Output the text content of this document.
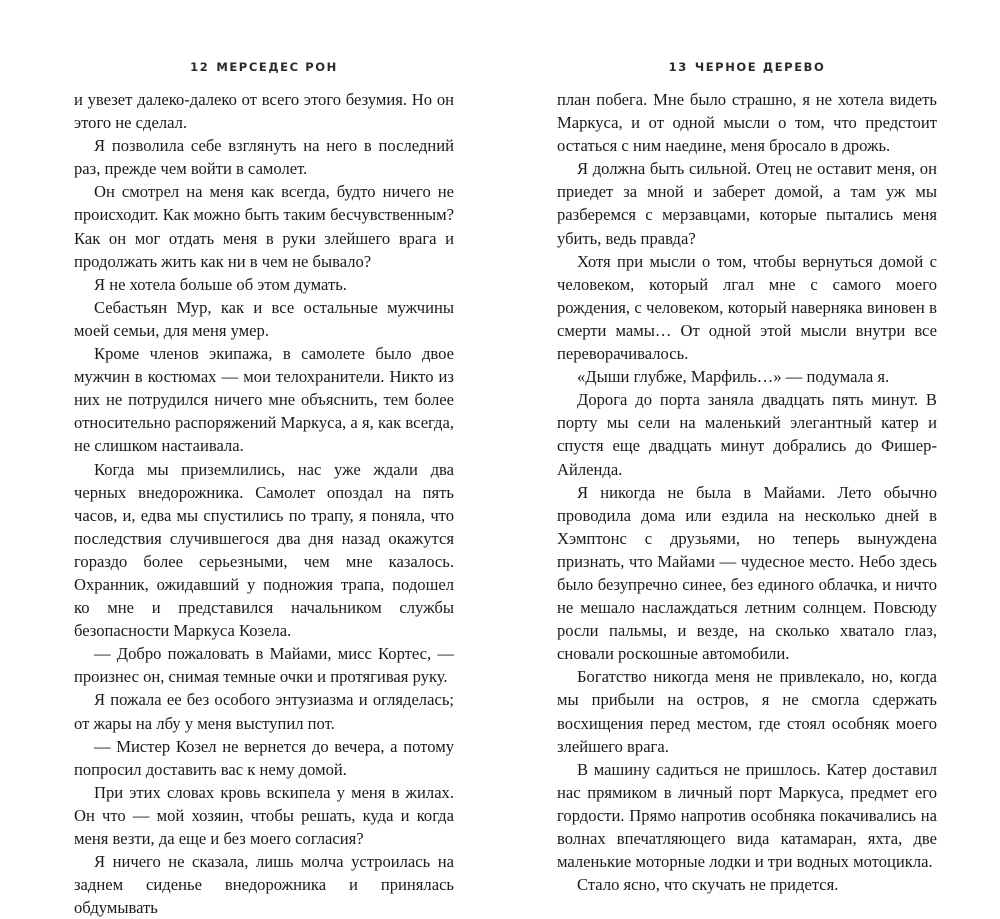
12 МЕРСЕДЕС РОН

и увезет далеко-далеко от всего этого безумия. Но он этого не сделал.

Я позволила себе взглянуть на него в последний раз, прежде чем войти в самолет.

Он смотрел на меня как всегда, будто ничего не происходит. Как можно быть таким бесчувственным? Как он мог отдать меня в руки злейшего врага и продолжать жить как ни в чем не бывало?

Я не хотела больше об этом думать.

Себастьян Мур, как и все остальные мужчины моей семьи, для меня умер.

Кроме членов экипажа, в самолете было двое мужчин в костюмах — мои телохранители. Никто из них не потрудился ничего мне объяснить, тем более относительно распоряжений Маркуса, а я, как всегда, не слишком настаивала.

Когда мы приземлились, нас уже ждали два черных внедорожника. Самолет опоздал на пять часов, и, едва мы спустились по трапу, я поняла, что последствия случившегося два дня назад окажутся гораздо более серьезными, чем мне казалось. Охранник, ожидавший у подножия трапа, подошел ко мне и представился начальником службы безопасности Маркуса Козела.

— Добро пожаловать в Майами, мисс Кортес, — произнес он, снимая темные очки и протягивая руку.

Я пожала ее без особого энтузиазма и огляделась; от жары на лбу у меня выступил пот.

— Мистер Козел не вернется до вечера, а потому попросил доставить вас к нему домой.

При этих словах кровь вскипела у меня в жилах. Он что — мой хозяин, чтобы решать, куда и когда меня везти, да еще и без моего согласия?

Я ничего не сказала, лишь молча устроилась на заднем сиденье внедорожника и принялась обдумывать

13 ЧЕРНОЕ ДЕРЕВО

план побега. Мне было страшно, я не хотела видеть Маркуса, и от одной мысли о том, что предстоит остаться с ним наедине, меня бросало в дрожь.

Я должна быть сильной. Отец не оставит меня, он приедет за мной и заберет домой, а там уж мы разберемся с мерзавцами, которые пытались меня убить, ведь правда?

Хотя при мысли о том, чтобы вернуться домой с человеком, который лгал мне с самого моего рождения, с человеком, который наверняка виновен в смерти мамы… От одной этой мысли внутри все переворачивалось.

«Дыши глубже, Марфиль…» — подумала я.

Дорога до порта заняла двадцать пять минут. В порту мы сели на маленький элегантный катер и спустя еще двадцать минут добрались до Фишер-Айленда.

Я никогда не была в Майами. Лето обычно проводила дома или ездила на несколько дней в Хэмптонс с друзьями, но теперь вынуждена признать, что Майами — чудесное место. Небо здесь было безупречно синее, без единого облачка, и ничто не мешало наслаждаться летним солнцем. Повсюду росли пальмы, и везде, на сколько хватало глаз, сновали роскошные автомобили.

Богатство никогда меня не привлекало, но, когда мы прибыли на остров, я не смогла сдержать восхищения перед местом, где стоял особняк моего злейшего врага.

В машину садиться не пришлось. Катер доставил нас прямиком в личный порт Маркуса, предмет его гордости. Прямо напротив особняка покачивались на волнах впечатляющего вида катамаран, яхта, две маленькие моторные лодки и три водных мотоцикла.

Стало ясно, что скучать не придется.
